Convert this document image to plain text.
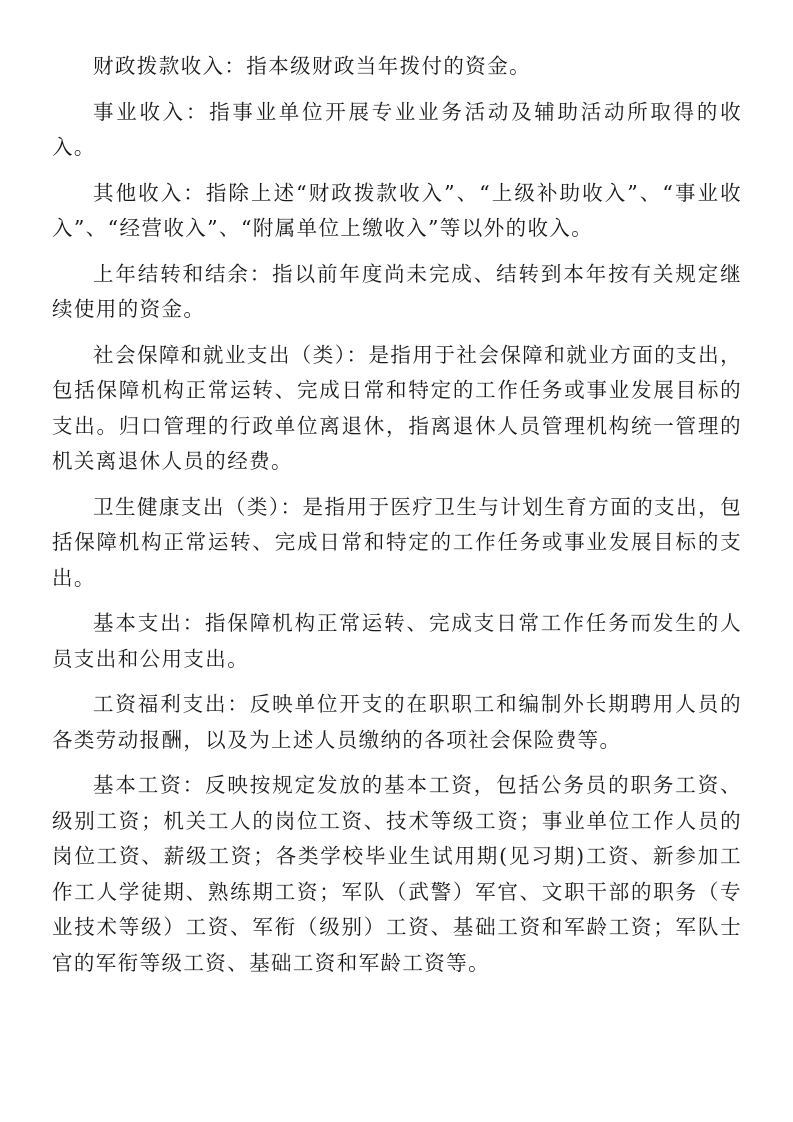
财政拨款收入：指本级财政当年拨付的资金。

事业收入：指事业单位开展专业业务活动及辅助活动所取得的收入。

其他收入：指除上述“财政拨款收入”、“上级补助收入”、“事业收入”、“经营收入”、“附属单位上缴收入”等以外的收入。

上年结转和结余：指以前年度尚未完成、结转到本年按有关规定继续使用的资金。

社会保障和就业支出（类）：是指用于社会保障和就业方面的支出，包括保障机构正常运转、完成日常和特定的工作任务或事业发展目标的支出。归口管理的行政单位离退休，指离退休人员管理机构统一管理的机关离退休人员的经费。

卫生健康支出（类）：是指用于医疗卫生与计划生育方面的支出，包括保障机构正常运转、完成日常和特定的工作任务或事业发展目标的支出。

基本支出：指保障机构正常运转、完成支日常工作任务而发生的人员支出和公用支出。

工资福利支出：反映单位开支的在职职工和编制外长期聘用人员的各类劳动报酬，以及为上述人员缴纳的各项社会保险费等。

基本工资：反映按规定发放的基本工资，包括公务员的职务工资、级别工资；机关工人的岗位工资、技术等级工资；事业单位工作人员的岗位工资、薪级工资；各类学校毕业生试用期(见习期)工资、新参加工作工人学徒期、熟练期工资；军队（武警）军官、文职干部的职务（专业技术等级）工资、军衔（级别）工资、基础工资和军龄工资；军队士官的军衔等级工资、基础工资和军龄工资等。
